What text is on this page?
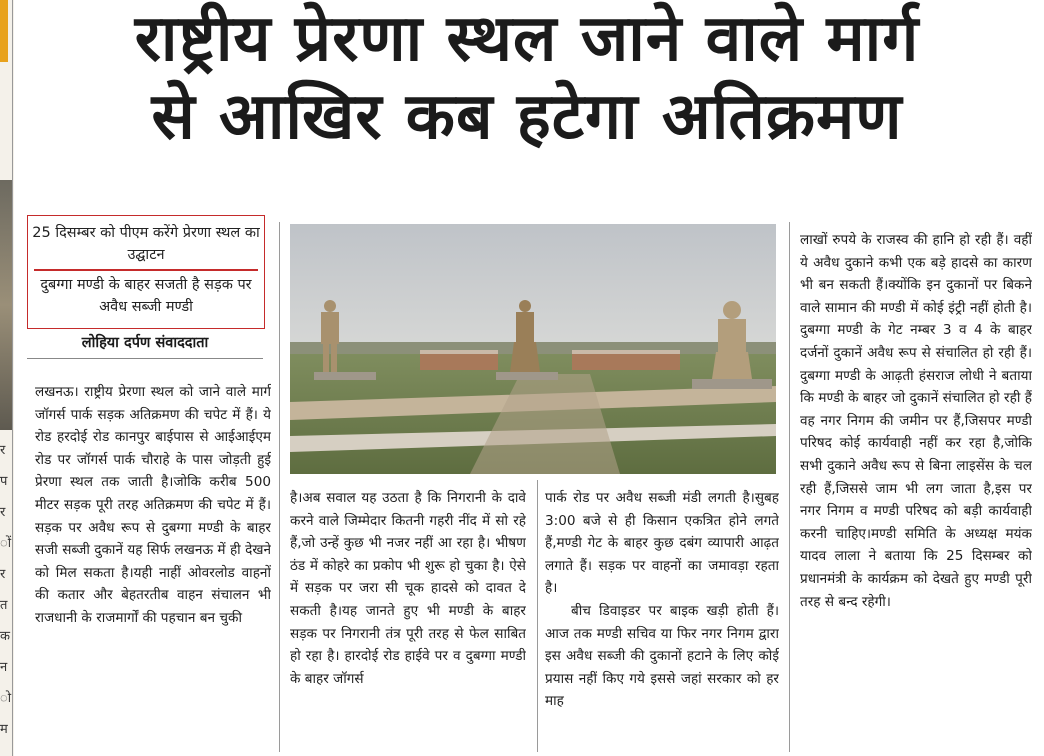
र
प
र
ों
र
त
क
न
ो
म
राष्ट्रीय प्रेरणा स्थल जाने वाले मार्ग
से आखिर कब हटेगा अतिक्रमण
25 दिसम्बर को पीएम करेंगे प्रेरणा स्थल का उद्घाटन
दुबग्गा मण्डी के बाहर सजती है सड़क पर अवैध सब्जी मण्डी
लोहिया दर्पण संवाददाता

लखनऊ। राष्ट्रीय प्रेरणा स्थल को जाने वाले मार्ग जॉगर्स पार्क सड़क अतिक्रमण की चपेट में हैं। ये रोड हरदोई रोड कानपुर बाईपास से आईआईएम रोड पर जॉगर्स पार्क चौराहे के पास जोड़ती हुई प्रेरणा स्थल तक जाती है।जोकि करीब 500 मीटर सड़क पूरी तरह अतिक्रमण की चपेट में हैं। सड़क पर अवैध रूप से दुबग्गा मण्डी के बाहर सजी सब्जी दुकानें यह सिर्फ लखनऊ में ही देखने को मिल सकता है।यही नाहीं ओवरलोड वाहनों की कतार और बेहतरतीब वाहन संचालन भी राजधानी के राजमार्गों की पहचान बन चुकी

है।अब सवाल यह उठता है कि निगरानी के दावे करने वाले जिम्मेदार कितनी गहरी नींद में सो रहे हैं,जो उन्हें कुछ भी नजर नहीं आ रहा है। भीषण ठंड में कोहरे का प्रकोप भी शुरू हो चुका है। ऐसे में सड़क पर जरा सी चूक हादसे को दावत दे सकती है।यह जानते हुए भी मण्डी के बाहर सड़क पर निगरानी तंत्र पूरी तरह से फेल साबित हो रहा है। हारदोई रोड हाईवे पर व दुबग्गा मण्डी के बाहर जॉगर्स

पार्क रोड पर अवैध सब्जी मंडी लगती है।सुबह 3:00 बजे से ही किसान एकत्रित होने लगते हैं,मण्डी गेट के बाहर कुछ दबंग व्यापारी आढ़त लगाते हैं। सड़क पर वाहनों का जमावड़ा रहता है।

बीच डिवाइडर पर बाइक खड़ी होती हैं। आज तक मण्डी सचिव या फिर नगर निगम द्वारा इस अवैध सब्जी की दुकानों हटाने के लिए कोई प्रयास नहीं किए गये इससे जहां सरकार को हर माह

लाखों रुपये के राजस्व की हानि हो रही हैं। वहीं ये अवैध दुकाने कभी एक बड़े हादसे का कारण भी बन सकती हैं।क्योंकि इन दुकानों पर बिकने वाले सामान की मण्डी में कोई इंट्री नहीं होती है। दुबग्गा मण्डी के गेट नम्बर 3 व 4 के बाहर दर्जनों दुकानें अवैध रूप से संचालित हो रही हैं। दुबग्गा मण्डी के आढ़ती हंसराज लोधी ने बताया कि मण्डी के बाहर जो दुकानें संचालित हो रही हैं वह नगर निगम की जमीन पर हैं,जिसपर मण्डी परिषद कोई कार्यवाही नहीं कर रहा है,जोकि सभी दुकाने अवैध रूप से बिना लाइसेंस के चल रही हैं,जिससे जाम भी लग जाता है,इस पर नगर निगम व मण्डी परिषद को बड़ी कार्यवाही करनी चाहिए।मण्डी समिति के अध्यक्ष मयंक यादव लाला ने बताया कि 25 दिसम्बर को प्रधानमंत्री के कार्यक्रम को देखते हुए मण्डी पूरी तरह से बन्द रहेगी।
